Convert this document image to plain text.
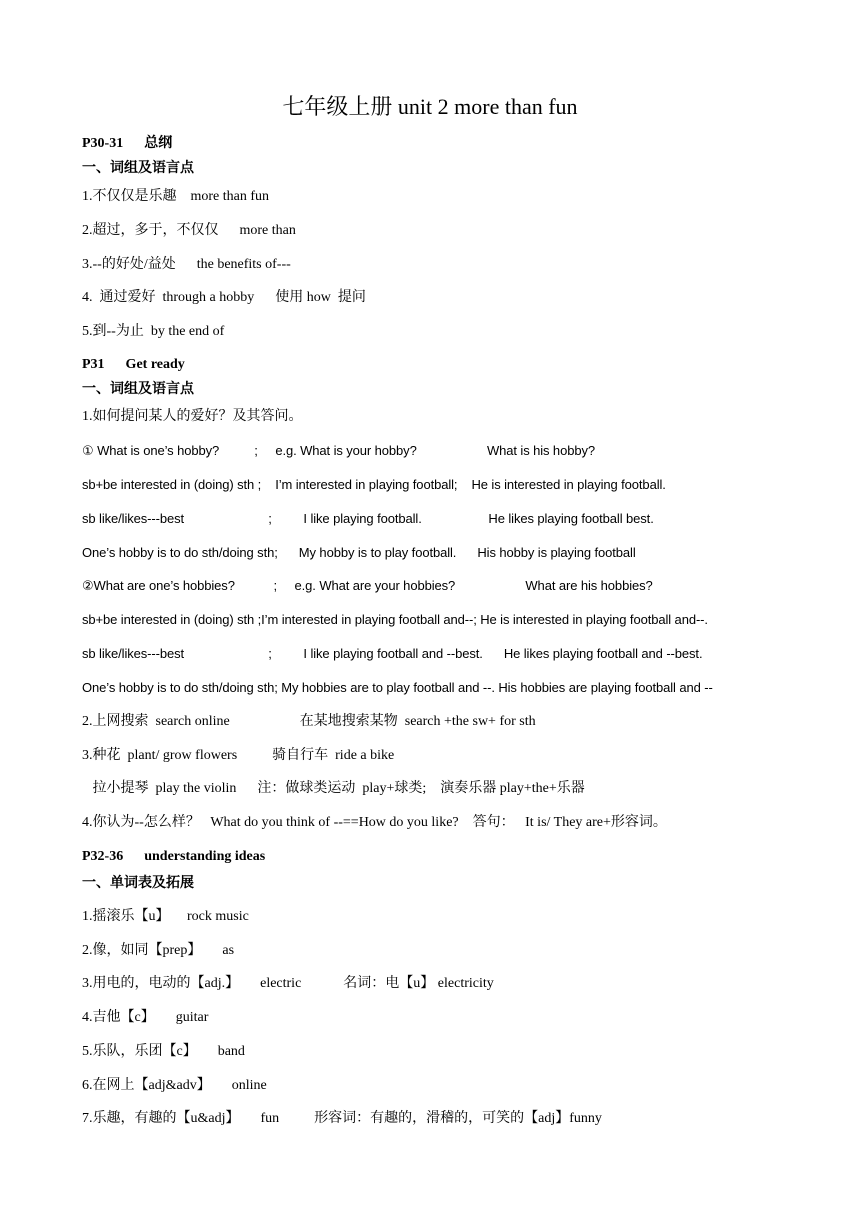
七年级上册 unit 2 more than fun
P30-31      总纲
一、词组及语言点
1.不仅仅是乐趣    more than fun
2.超过，多于，不仅仅      more than
3.--的好处/益处      the benefits of---
4.  通过爱好  through a hobby      使用 how  提问
5.到--为止  by the end of
P31      Get ready
一、词组及语言点
1.如何提问某人的爱好？及其答问。
① What is one’s hobby?          ;     e.g. What is your hobby?                    What is his hobby?
sb+be interested in (doing) sth ;    I’m interested in playing football;    He is interested in playing football.
sb like/likes---best                        ;         I like playing football.                   He likes playing football best.
One’s hobby is to do sth/doing sth;      My hobby is to play football.      His hobby is playing football
②What are one’s hobbies?           ;     e.g. What are your hobbies?                    What are his hobbies?
sb+be interested in (doing) sth ;I’m interested in playing football and--; He is interested in playing football and--.
sb like/likes---best                        ;         I like playing football and --best.      He likes playing football and --best.
One’s hobby is to do sth/doing sth; My hobbies are to play football and --. His hobbies are playing football and --
2.上网搜索  search online                    在某地搜索某物  search +the sw+ for sth
3.种花  plant/ grow flowers          骑自行车  ride a bike
拉小提琴  play the violin      注：做球类运动  play+球类;    演奏乐器 play+the+乐器
4.你认为--怎么样？   What do you think of --==How do you like?    答句：   It is/ They are+形容词。
P32-36      understanding ideas
一、单词表及拓展
1.摇滚乐【u】     rock music
2.像，如同【prep】      as
3.用电的，电动的【adj.】      electric            名词：电【u】 electricity
4.吉他【c】      guitar
5.乐队，乐团【c】      band
6.在网上【adj&adv】      online
7.乐趣，有趣的【u&adj】      fun          形容词：有趣的，滑稽的，可笑的【adj】funny
